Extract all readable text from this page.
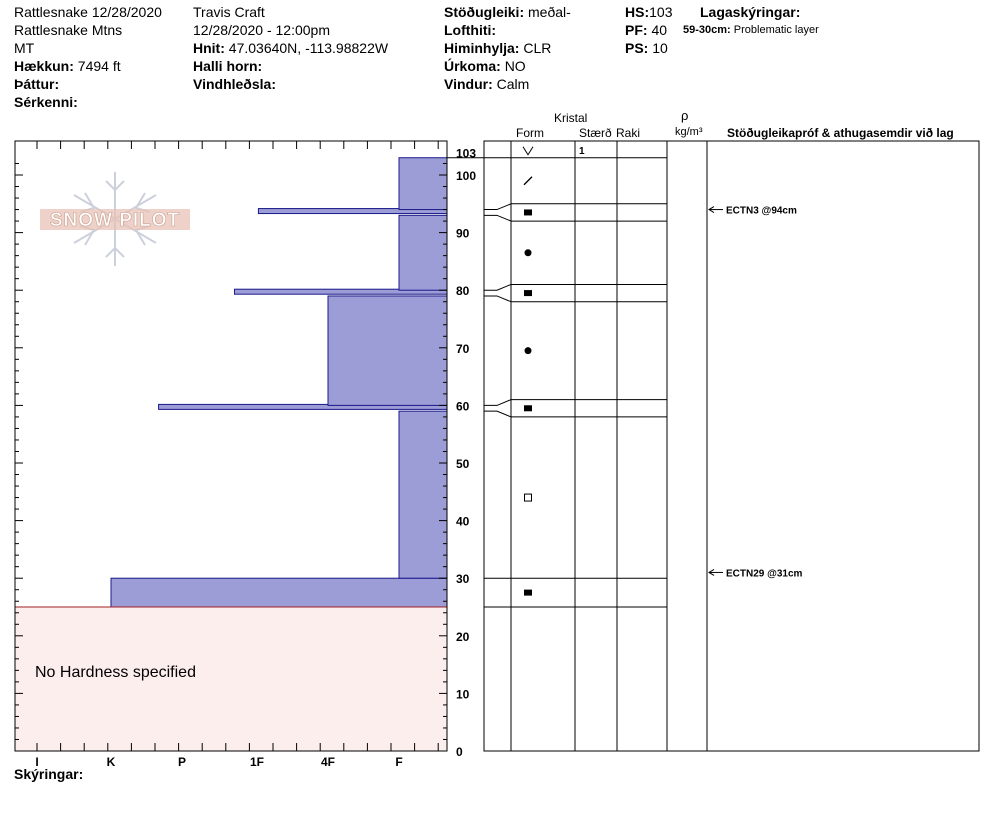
SNOW PILOT
No Hardness specified
0
10
20
30
40
50
60
70
80
90
100
103
ECTN3 @94cm
ECTN29 @31cm
Kristal
Form	Stærð Raki
ρ
kg/m³ Stöðugleikapróf & athugasemdir við lag
1
I	K	P	1F	4F	F
Rattlesnake 12/28/2020
Rattlesnake Mtns
MT
Hækkun: 7494 ft
Þáttur:
Sérkenni:
Travis Craft
12/28/2020 - 12:00pm
Hnit: 47.03640N, -113.98822W
Halli horn:
Vindhleðsla:
Stöðugleiki: meðal-
Lofthiti:
Himinhylja: CLR
Úrkoma: NO
Vindur: Calm
HS:103
PF: 40
PS: 10
Lagaskýringar:
59-30cm: Problematic layer
Skýringar:
